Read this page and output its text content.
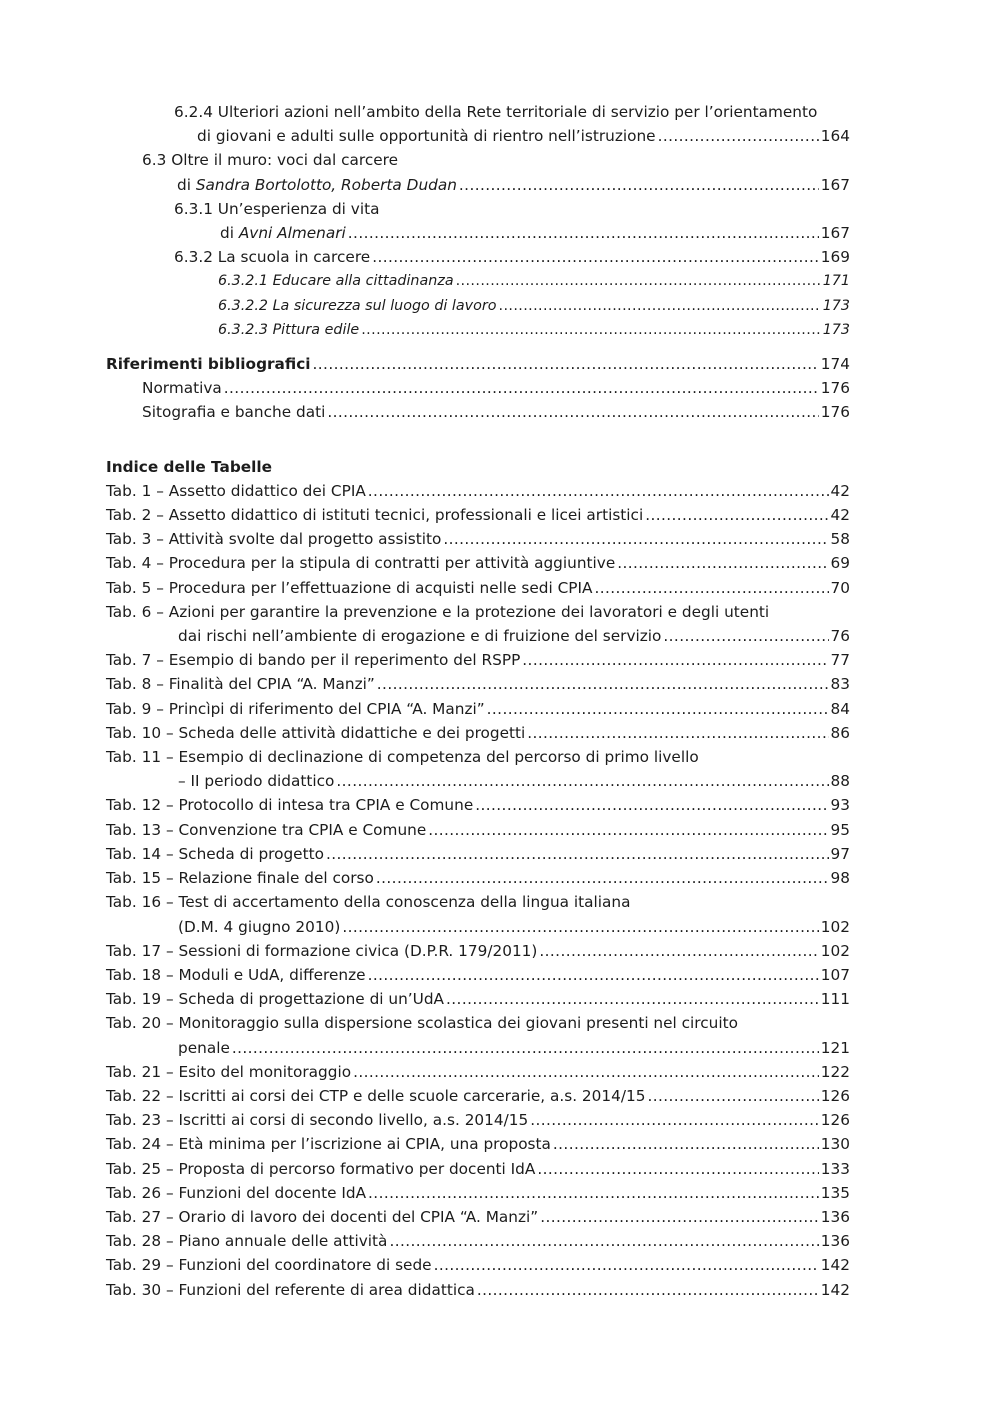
6.2.4 Ulteriori azioni nell’ambito della Rete territoriale di servizio per l’orientamento
di giovani e adulti sulle opportunità di rientro nell’istruzione .....	164
6.3 Oltre il muro: voci dal carcere
di Sandra Bortolotto, Roberta Dudan .....	167
6.3.1 Un’esperienza di vita
di Avni Almenari .....	167
6.3.2 La scuola in carcere .....	169
6.3.2.1 Educare alla cittadinanza .....	171
6.3.2.2 La sicurezza sul luogo di lavoro .....	173
6.3.2.3 Pittura edile .....	173
Riferimenti bibliografici .....	174
Normativa .....	176
Sitografia e banche dati .....	176
Indice delle Tabelle
Tab. 1 – Assetto didattico dei CPIA .....	42
Tab. 2 – Assetto didattico di istituti tecnici, professionali e licei artistici .....	42
Tab. 3 – Attività svolte dal progetto assistito .....	58
Tab. 4 – Procedura per la stipula di contratti per attività aggiuntive .....	69
Tab. 5 – Procedura per l’effettuazione di acquisti nelle sedi CPIA .....	70
Tab. 6 – Azioni per garantire la prevenzione e la protezione dei lavoratori e degli utenti
dai rischi nell’ambiente di erogazione e di fruizione del servizio .....	76
Tab. 7 – Esempio di bando per il reperimento del RSPP .....	77
Tab. 8 – Finalità del CPIA “A. Manzi” .....	83
Tab. 9 – Princìpi di riferimento del CPIA “A. Manzi” .....	84
Tab. 10 – Scheda delle attività didattiche e dei progetti .....	86
Tab. 11 – Esempio di declinazione di competenza del percorso di primo livello
– II periodo didattico .....	88
Tab. 12 – Protocollo di intesa tra CPIA e Comune .....	93
Tab. 13 – Convenzione tra CPIA e Comune .....	95
Tab. 14 – Scheda di progetto .....	97
Tab. 15 – Relazione finale del corso .....	98
Tab. 16 – Test di accertamento della conoscenza della lingua italiana
(D.M. 4 giugno 2010) .....	102
Tab. 17 – Sessioni di formazione civica (D.P.R. 179/2011) .....	102
Tab. 18 – Moduli e UdA, differenze .....	107
Tab. 19 – Scheda di progettazione di un’UdA .....	111
Tab. 20 – Monitoraggio sulla dispersione scolastica dei giovani presenti nel circuito
penale .....	121
Tab. 21 – Esito del monitoraggio .....	122
Tab. 22 – Iscritti ai corsi dei CTP e delle scuole carcerarie, a.s. 2014/15 .....	126
Tab. 23 – Iscritti ai corsi di secondo livello, a.s. 2014/15 .....	126
Tab. 24 – Età minima per l’iscrizione ai CPIA, una proposta .....	130
Tab. 25 – Proposta di percorso formativo per docenti IdA .....	133
Tab. 26 – Funzioni del docente IdA .....	135
Tab. 27 – Orario di lavoro dei docenti del CPIA “A. Manzi” .....	136
Tab. 28 – Piano annuale delle attività .....	136
Tab. 29 – Funzioni del coordinatore di sede .....	142
Tab. 30 – Funzioni del referente di area didattica .....	142
